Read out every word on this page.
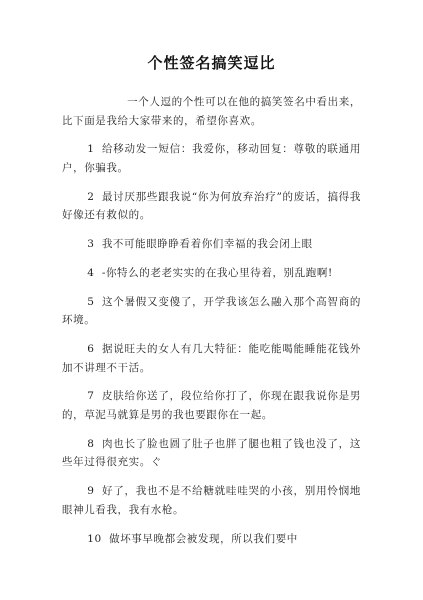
个性签名搞笑逗比

一个人逗的个性可以在他的搞笑签名中看出来，比下面是我给大家带来的，希望你喜欢。

1 给移动发一短信：我爱你，移动回复：尊敬的联通用户，你骗我。

2 最讨厌那些跟我说“你为何放弃治疗”的废话，搞得我好像还有救似的。

3 我不可能眼睁睁看着你们幸福的我会闭上眼

4 -你特么的老老实实的在我心里待着，别乱跑啊!

5 这个暑假又变傻了，开学我该怎么融入那个高智商的环境。

6 据说旺夫的女人有几大特征：能吃能喝能睡能花钱外加不讲理不干活。

7 皮肤给你送了，段位给你打了，你现在跟我说你是男的，草泥马就算是男的我也要跟你在一起。

8 肉也长了脸也圆了肚子也胖了腿也粗了钱也没了，这些年过得很充实。ぐ

9 好了，我也不是不给糖就哇哇哭的小孩，别用怜悯地眼神儿看我，我有水枪。

10 做坏事早晚都会被发现，所以我们要中
